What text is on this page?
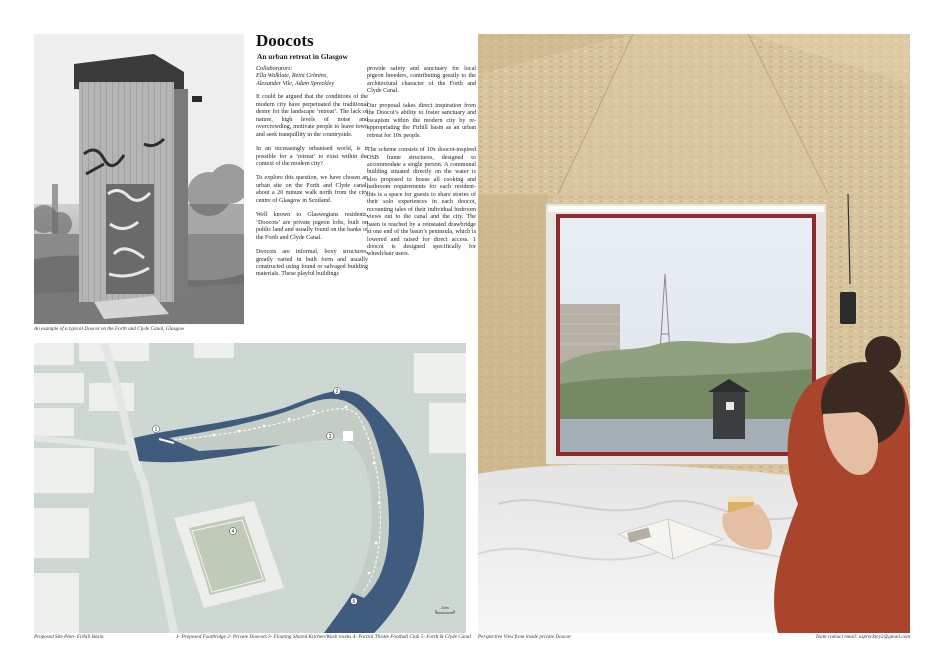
An example of a typical Doocot on the Forth and Clyde Canal, Glasgow
Doocots
An urban retreat in Glasgow

Collaborators:
Ella Walklate, Reini Celmins,
Alexander Vile, Adam Spreckley

It could be argued that the conditions of the modern city have perpetuated the traditional desire for the landscape ‘retreat’. The lack of nature, high levels of noise and overcrowding, motivate people to leave town and seek tranquillity in the countryside.

In an increasingly urbanised world, is it possible for a ‘retreat’ to exist within the context of the modern city?

To explore this question, we have chosen an urban site on the Forth and Clyde canal, about a 20 minute walk north from the city centre of Glasgow in Scotland.

Well known to Glaswegians residents, ‘Doocots’ are private pigeon lofts, built on public land and usually found on the banks of the Forth and Clyde Canal.

Doocots are informal, boxy structures, greatly varied in built form and usually constructed using found or salvaged building materials. These playful buildings

provide safety and sanctuary for local pigeon breeders, contributing greatly to the architectural character of the Forth and Clyde Canal.

Our proposal takes direct inspiration from the Doocot’s ability to foster sanctuary and escapism within the modern city by re-appropriating the Firhill basin as an urban retreat for 10x people.

The scheme consists of 10x doocot-inspired OSB frame structures, designed to accommodate a single person. A communal building situated directly on the water is also proposed to house all cooking and bathroom requirements for each resident- this is a space for guests to share stories of their solo experiences in each doocot, recounting tales of their individual bedroom views out to the canal and the city. The basin is reached by a reinstated drawbridge at one end of the basin’s peninsula, which is lowered and raised for direct access. 1 doocot is designed specifically for wheelchair users.

1
2
3
4
5
20m
Proposed Site Plan- Firhill Basin	1- Proposed Footbridge 2- Private Doocots 3- Floating Shared Kitchen/Wash rooms 4- Partick Thistle Football Club 5- Forth & Clyde Canal Perspective View from inside private Doocot	Team contact email: aspreckley2@gmail.com
